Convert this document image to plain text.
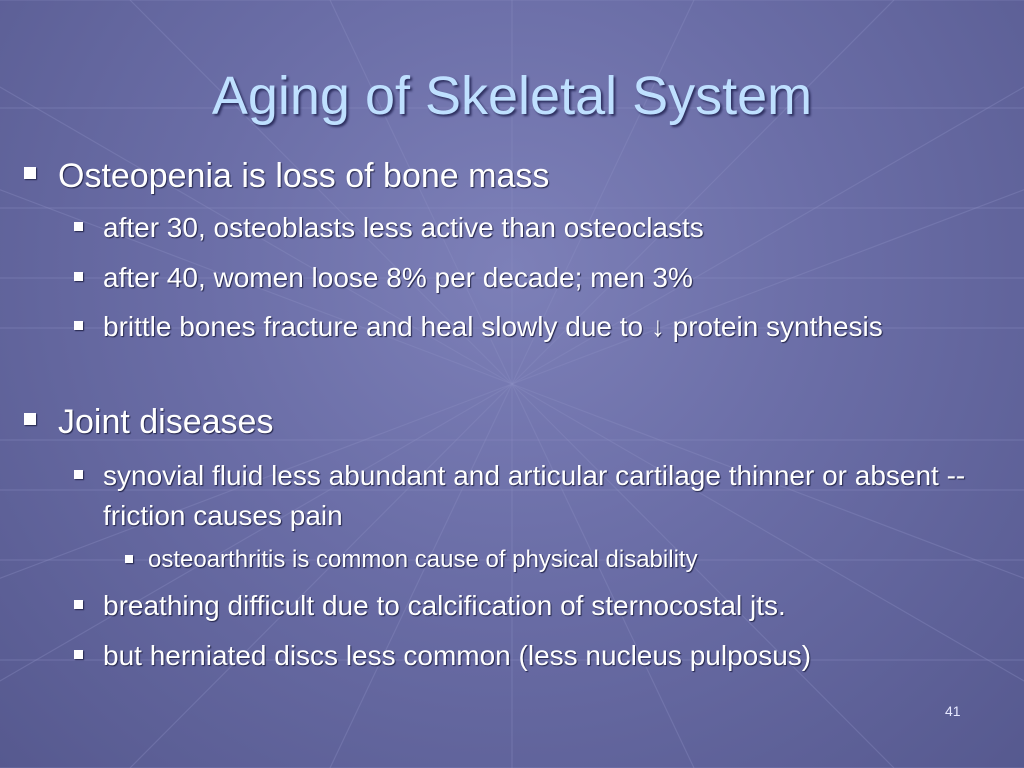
Aging of Skeletal System

Osteopenia is loss of bone mass

after 30, osteoblasts less active than osteoclasts

after 40, women loose 8% per decade; men 3%

brittle bones fracture and heal slowly due to ↓ protein synthesis

Joint diseases

synovial fluid less abundant and articular cartilage thinner or absent -- friction causes pain

osteoarthritis is common cause of physical disability

breathing difficult due to calcification of sternocostal jts.

but herniated discs less common (less nucleus pulposus)

41
